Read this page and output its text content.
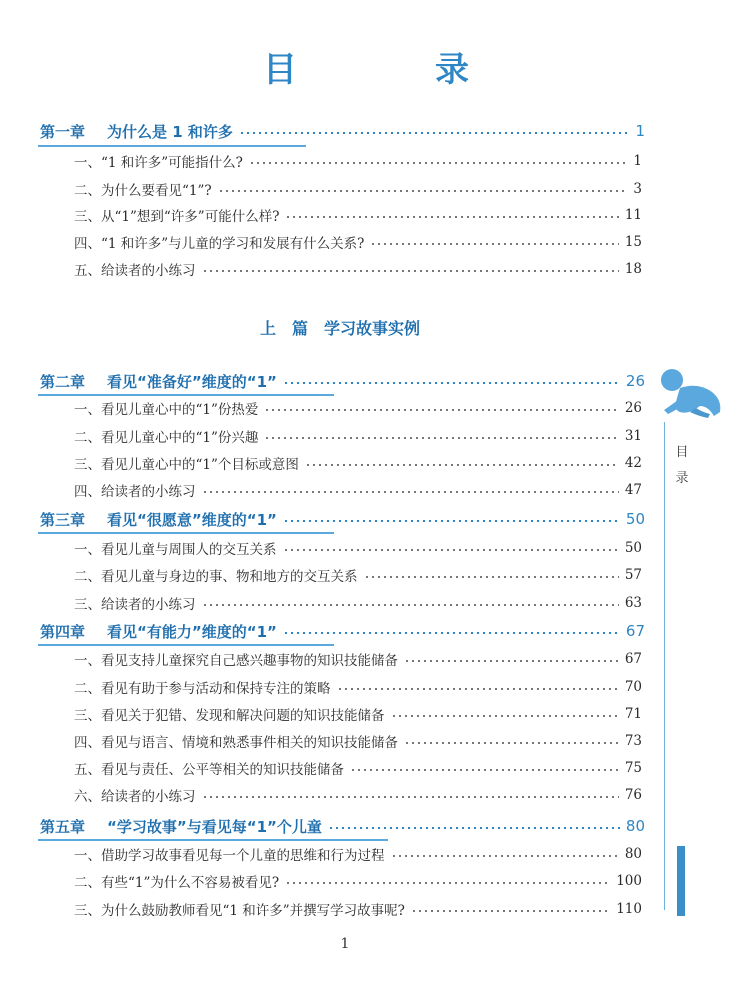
目　录
第一章 为什么是 1 和许多	1
一、“1 和许多”可能指什么?	1
二、为什么要看见“1”?	3
三、从“1”想到“许多”可能什么样?	11
四、“1 和许多”与儿童的学习和发展有什么关系?	15
五、给读者的小练习	18
上　篇　学习故事实例
第二章 看见“准备好”维度的“1”	26
一、看见儿童心中的“1”份热爱	26
二、看见儿童心中的“1”份兴趣	31
三、看见儿童心中的“1”个目标或意图	42
四、给读者的小练习	47
第三章 看见“很愿意”维度的“1”	50
一、看见儿童与周围人的交互关系	50
二、看见儿童与身边的事、物和地方的交互关系	57
三、给读者的小练习	63
第四章 看见“有能力”维度的“1”	67
一、看见支持儿童探究自己感兴趣事物的知识技能储备	67
二、看见有助于参与活动和保持专注的策略	70
三、看见关于犯错、发现和解决问题的知识技能储备	71
四、看见与语言、情境和熟悉事件相关的知识技能储备	73
五、看见与责任、公平等相关的知识技能储备	75
六、给读者的小练习	76
第五章 “学习故事”与看见每“1”个儿童	80
一、借助学习故事看见每一个儿童的思维和行为过程	80
二、有些“1”为什么不容易被看见?	100
三、为什么鼓励教师看见“1 和许多”并撰写学习故事呢?	110
目
录
1
